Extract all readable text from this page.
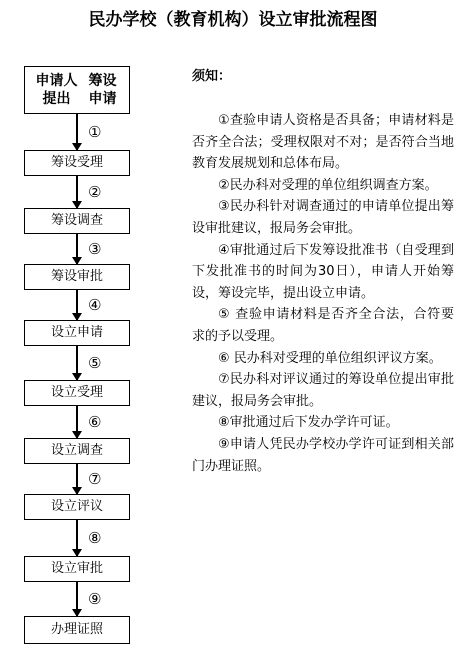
民办学校（教育机构）设立审批流程图
申请人提出
筹设申请
①
筹设受理
②
筹设调查
③
筹设审批
④
设立申请
⑤
设立受理
⑥
设立调查
⑦
设立评议
⑧
设立审批
⑨
办理证照
须知：
①查验申请人资格是否具备；申请材料是否齐全合法；受理权限对不对；是否符合当地教育发展规划和总体布局。
②民办科对受理的单位组织调查方案。
③民办科针对调查通过的申请单位提出筹设审批建议，报局务会审批。
④审批通过后下发筹设批准书（自受理到下发批准书的时间为30日），申请人开始筹设，筹设完毕，提出设立申请。
⑤ 查验申请材料是否齐全合法，合符要求的予以受理。
⑥ 民办科对受理的单位组织评议方案。
⑦民办科对评议通过的筹设单位提出审批建议，报局务会审批。
⑧审批通过后下发办学许可证。
⑨申请人凭民办学校办学许可证到相关部门办理证照。
